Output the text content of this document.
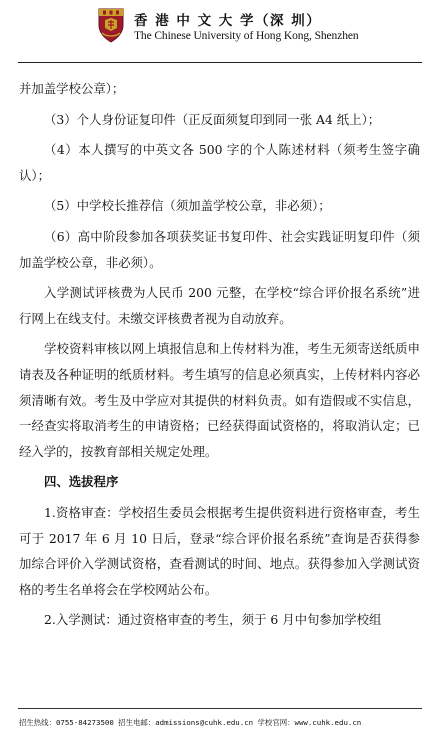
香 港 中 文 大 学（深 圳）
The Chinese University of Hong Kong, Shenzhen

并加盖学校公章）；

（3）个人身份证复印件（正反面须复印到同一张 A4 纸上）；

（4）本人撰写的中英文各 500 字的个人陈述材料（须考生签字确认）；

（5）中学校长推荐信（须加盖学校公章，非必须）；

（6）高中阶段参加各项获奖证书复印件、社会实践证明复印件（须加盖学校公章，非必须）。

入学测试评核费为人民币 200 元整，在学校“综合评价报名系统”进行网上在线支付。未缴交评核费者视为自动放弃。

学校资料审核以网上填报信息和上传材料为准，考生无须寄送纸质申请表及各种证明的纸质材料。考生填写的信息必须真实，上传材料内容必须清晰有效。考生及中学应对其提供的材料负责。如有造假或不实信息，一经查实将取消考生的申请资格；已经获得面试资格的，将取消认定；已经入学的，按教育部相关规定处理。

四、选拔程序

1.资格审查：学校招生委员会根据考生提供资料进行资格审查，考生可于 2017 年 6 月 10 日后，登录“综合评价报名系统”查询是否获得参加综合评价入学测试资格，查看测试的时间、地点。获得参加入学测试资格的考生名单将会在学校网站公布。

2.入学测试：通过资格审查的考生，须于 6 月中旬参加学校组

招生热线：0755-84273500 招生电邮：admissions@cuhk.edu.cn 学校官网：www.cuhk.edu.cn
